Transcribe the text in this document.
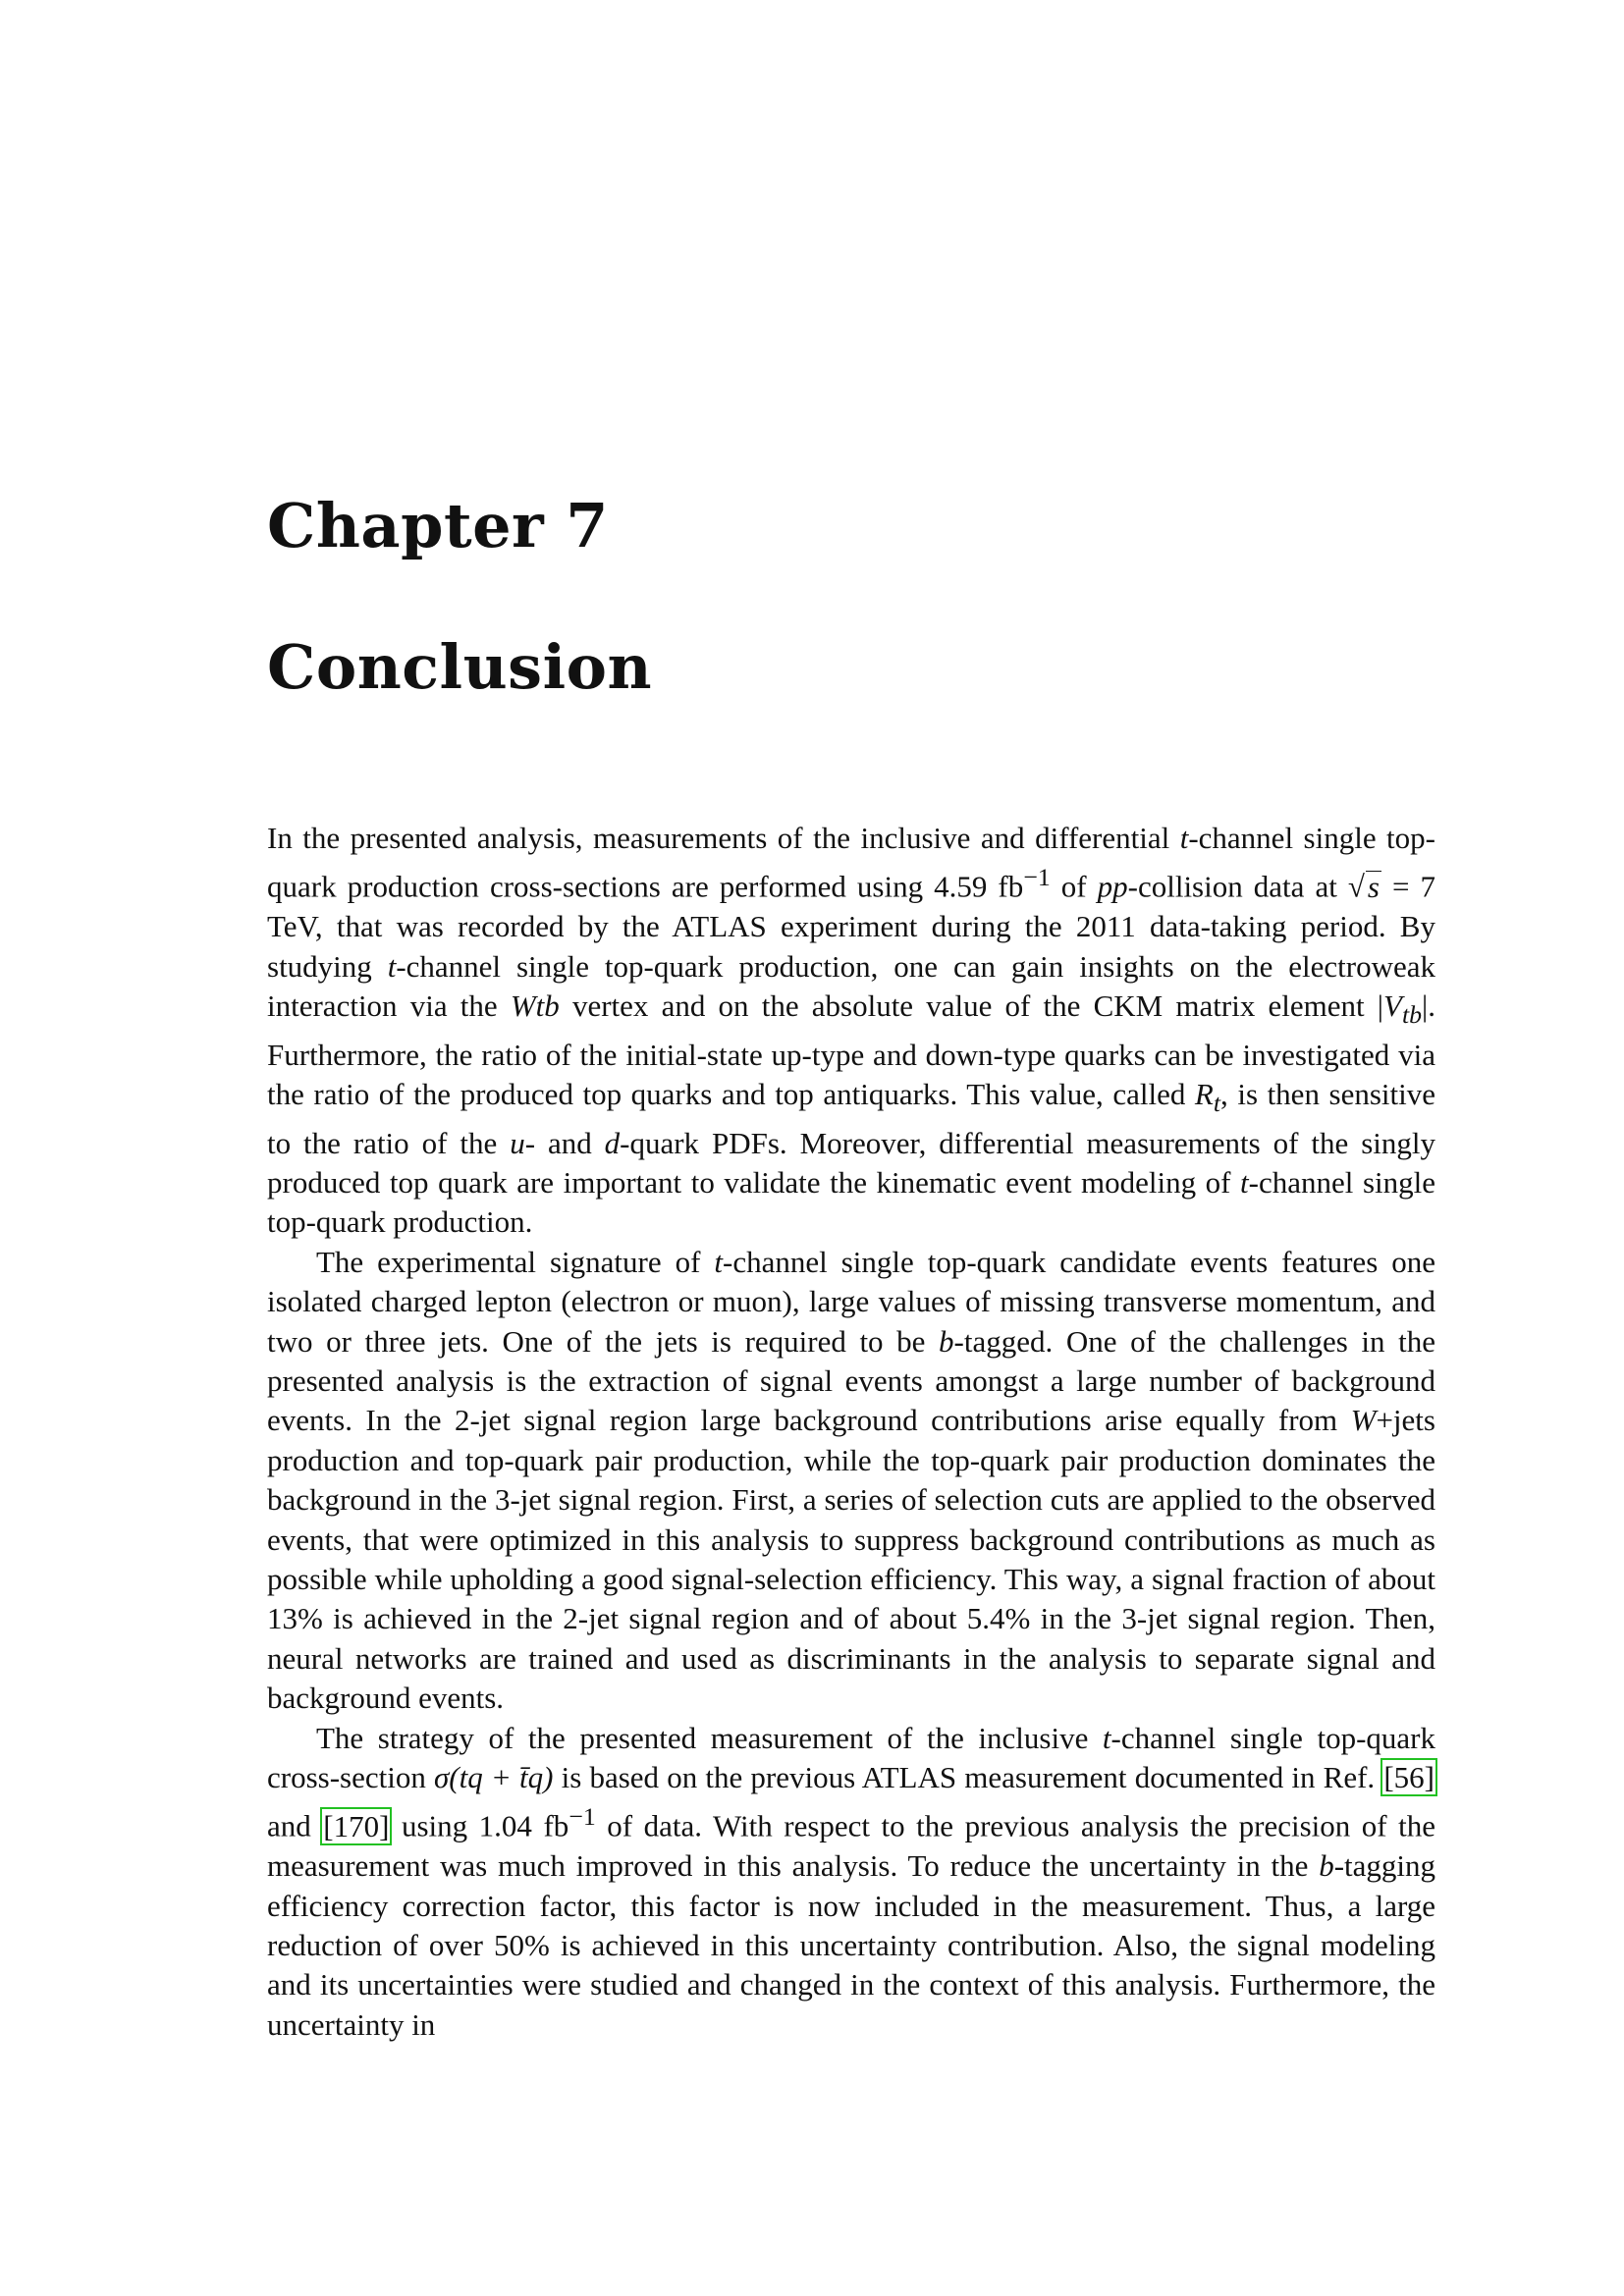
Chapter 7
Conclusion

In the presented analysis, measurements of the inclusive and differential t-channel single top-quark production cross-sections are performed using 4.59 $fb^{-1}$ of pp-collision data at √s = 7 TeV, that was recorded by the ATLAS experiment during the 2011 data-taking period. By studying t-channel single top-quark production, one can gain insights on the electroweak interaction via the Wtb vertex and on the absolute value of the CKM matrix element $|V_{tb}|$. Furthermore, the ratio of the initial-state up-type and down-type quarks can be investigated via the ratio of the produced top quarks and top antiquarks. This value, called $R_t$, is then sensitive to the ratio of the u- and d-quark PDFs. Moreover, differential measurements of the singly produced top quark are important to validate the kinematic event modeling of t-channel single top-quark production.

The experimental signature of t-channel single top-quark candidate events features one isolated charged lepton (electron or muon), large values of missing transverse momentum, and two or three jets. One of the jets is required to be b-tagged. One of the challenges in the presented analysis is the extraction of signal events amongst a large number of background events. In the 2-jet signal region large background contributions arise equally from W+jets production and top-quark pair production, while the top-quark pair production dominates the background in the 3-jet signal region. First, a series of selection cuts are applied to the observed events, that were optimized in this analysis to suppress background contributions as much as possible while upholding a good signal-selection efficiency. This way, a signal fraction of about 13% is achieved in the 2-jet signal region and of about 5.4% in the 3-jet signal region. Then, neural networks are trained and used as discriminants in the analysis to separate signal and background events.

The strategy of the presented measurement of the inclusive t-channel single top-quark cross-section σ(tq + t̄q) is based on the previous ATLAS measurement documented in Ref. [56] and [170] using 1.04 $fb^{-1}$ of data. With respect to the previous analysis the precision of the measurement was much improved in this analysis. To reduce the uncertainty in the b-tagging efficiency correction factor, this factor is now included in the measurement. Thus, a large reduction of over 50% is achieved in this uncertainty contribution. Also, the signal modeling and its uncertainties were studied and changed in the context of this analysis. Furthermore, the uncertainty in
